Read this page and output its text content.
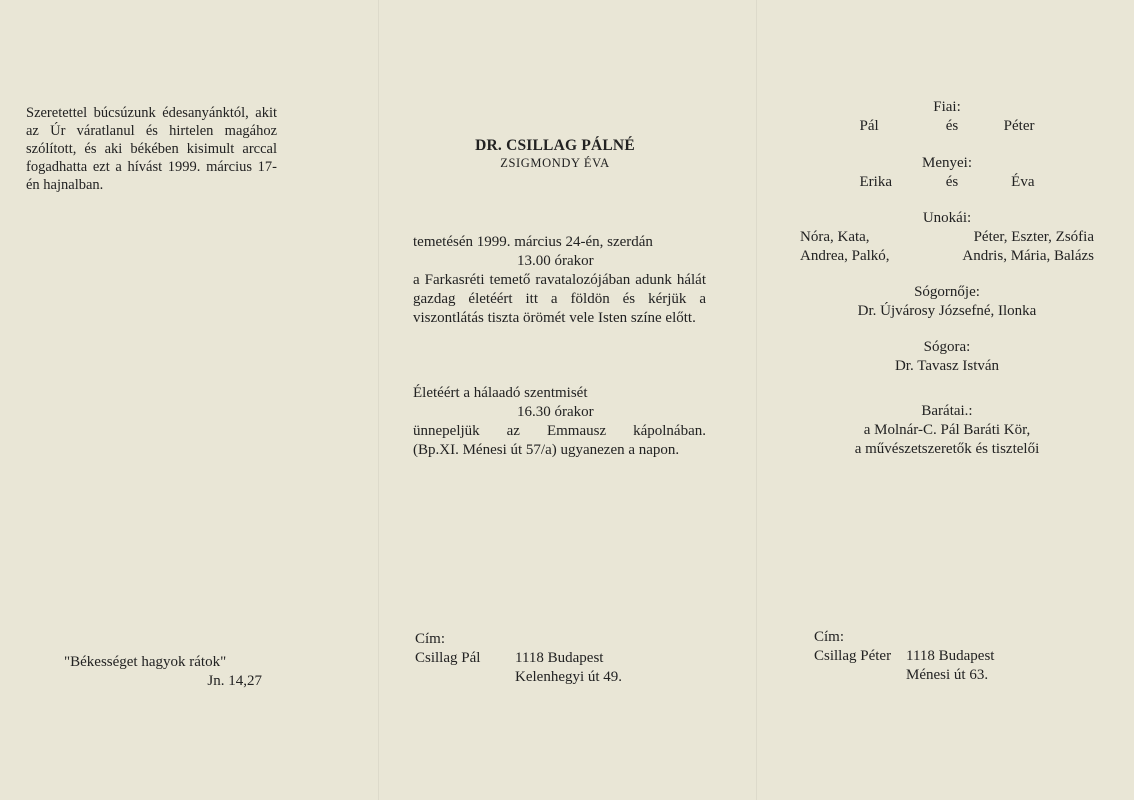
Szeretettel búcsúzunk édesanyánktól, akit az Úr váratlanul és hirtelen magához szólított, és aki békében kisimult arccal fogadhatta ezt a hívást 1999. március 17-én hajnalban.

"Békességet hagyok rátok"

Jn. 14,27

DR. CSILLAG PÁLNÉ
ZSIGMONDY ÉVA

temetésén 1999. március 24-én, szerdán

13.00 órakor

a Farkasréti temető ravatalozójában adunk hálát gazdag életéért itt a földön és kérjük a viszontlátás tiszta örömét vele Isten színe előtt.

Életéért a hálaadó szentmisét

16.30 órakor

ünnepeljük az Emmausz kápolnában.

(Bp.XI. Ménesi út 57/a) ugyanezen a napon.

Cím:

Csillag Pál	1118 Budapest

Kelenhegyi út 49.

Fiai:

Pál	és	Péter

Menyei:

Erika	és	Éva

Unokái:

Nóra, Kata,	Péter, Eszter, Zsófia
Andrea, Palkó,	Andris, Mária, Balázs

Sógornője:

Dr. Újvárosy Józsefné, Ilonka

Sógora:

Dr. Tavasz István

Barátai.:

a Molnár-C. Pál Baráti Kör,

a művészetszeretők és tisztelői

Cím:

Csillag Péter 1118 Budapest

Ménesi út 63.
